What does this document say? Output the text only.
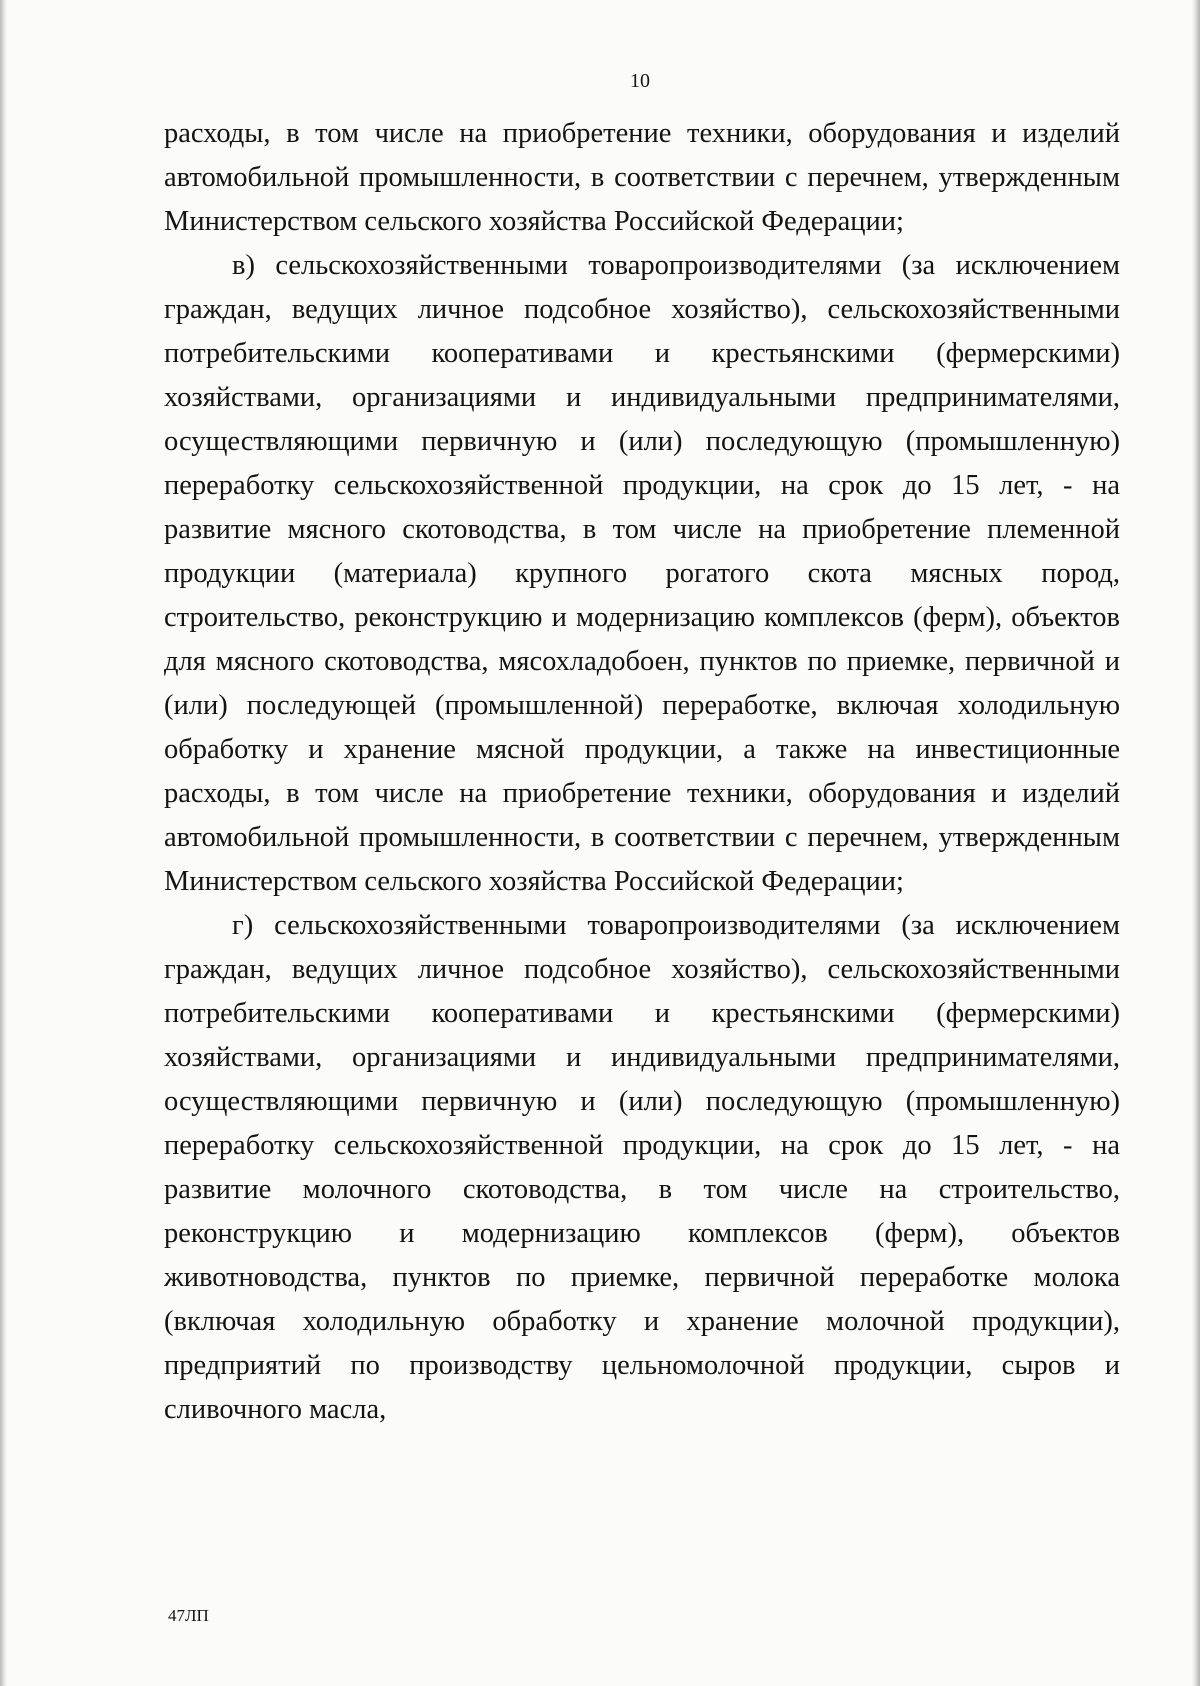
10

расходы, в том числе на приобретение техники, оборудования и изделий автомобильной промышленности, в соответствии с перечнем, утвержденным Министерством сельского хозяйства Российской Федерации;

в) сельскохозяйственными товаропроизводителями (за исключением граждан, ведущих личное подсобное хозяйство), сельскохозяйственными потребительскими кооперативами и крестьянскими (фермерскими) хозяйствами, организациями и индивидуальными предпринимателями, осуществляющими первичную и (или) последующую (промышленную) переработку сельскохозяйственной продукции, на срок до 15 лет, - на развитие мясного скотоводства, в том числе на приобретение племенной продукции (материала) крупного рогатого скота мясных пород, строительство, реконструкцию и модернизацию комплексов (ферм), объектов для мясного скотоводства, мясохладобоен, пунктов по приемке, первичной и (или) последующей (промышленной) переработке, включая холодильную обработку и хранение мясной продукции, а также на инвестиционные расходы, в том числе на приобретение техники, оборудования и изделий автомобильной промышленности, в соответствии с перечнем, утвержденным Министерством сельского хозяйства Российской Федерации;

г) сельскохозяйственными товаропроизводителями (за исключением граждан, ведущих личное подсобное хозяйство), сельскохозяйственными потребительскими кооперативами и крестьянскими (фермерскими) хозяйствами, организациями и индивидуальными предпринимателями, осуществляющими первичную и (или) последующую (промышленную) переработку сельскохозяйственной продукции, на срок до 15 лет, - на развитие молочного скотоводства, в том числе на строительство, реконструкцию и модернизацию комплексов (ферм), объектов животноводства, пунктов по приемке, первичной переработке молока (включая холодильную обработку и хранение молочной продукции), предприятий по производству цельномолочной продукции, сыров и сливочного масла,

47ЛП
